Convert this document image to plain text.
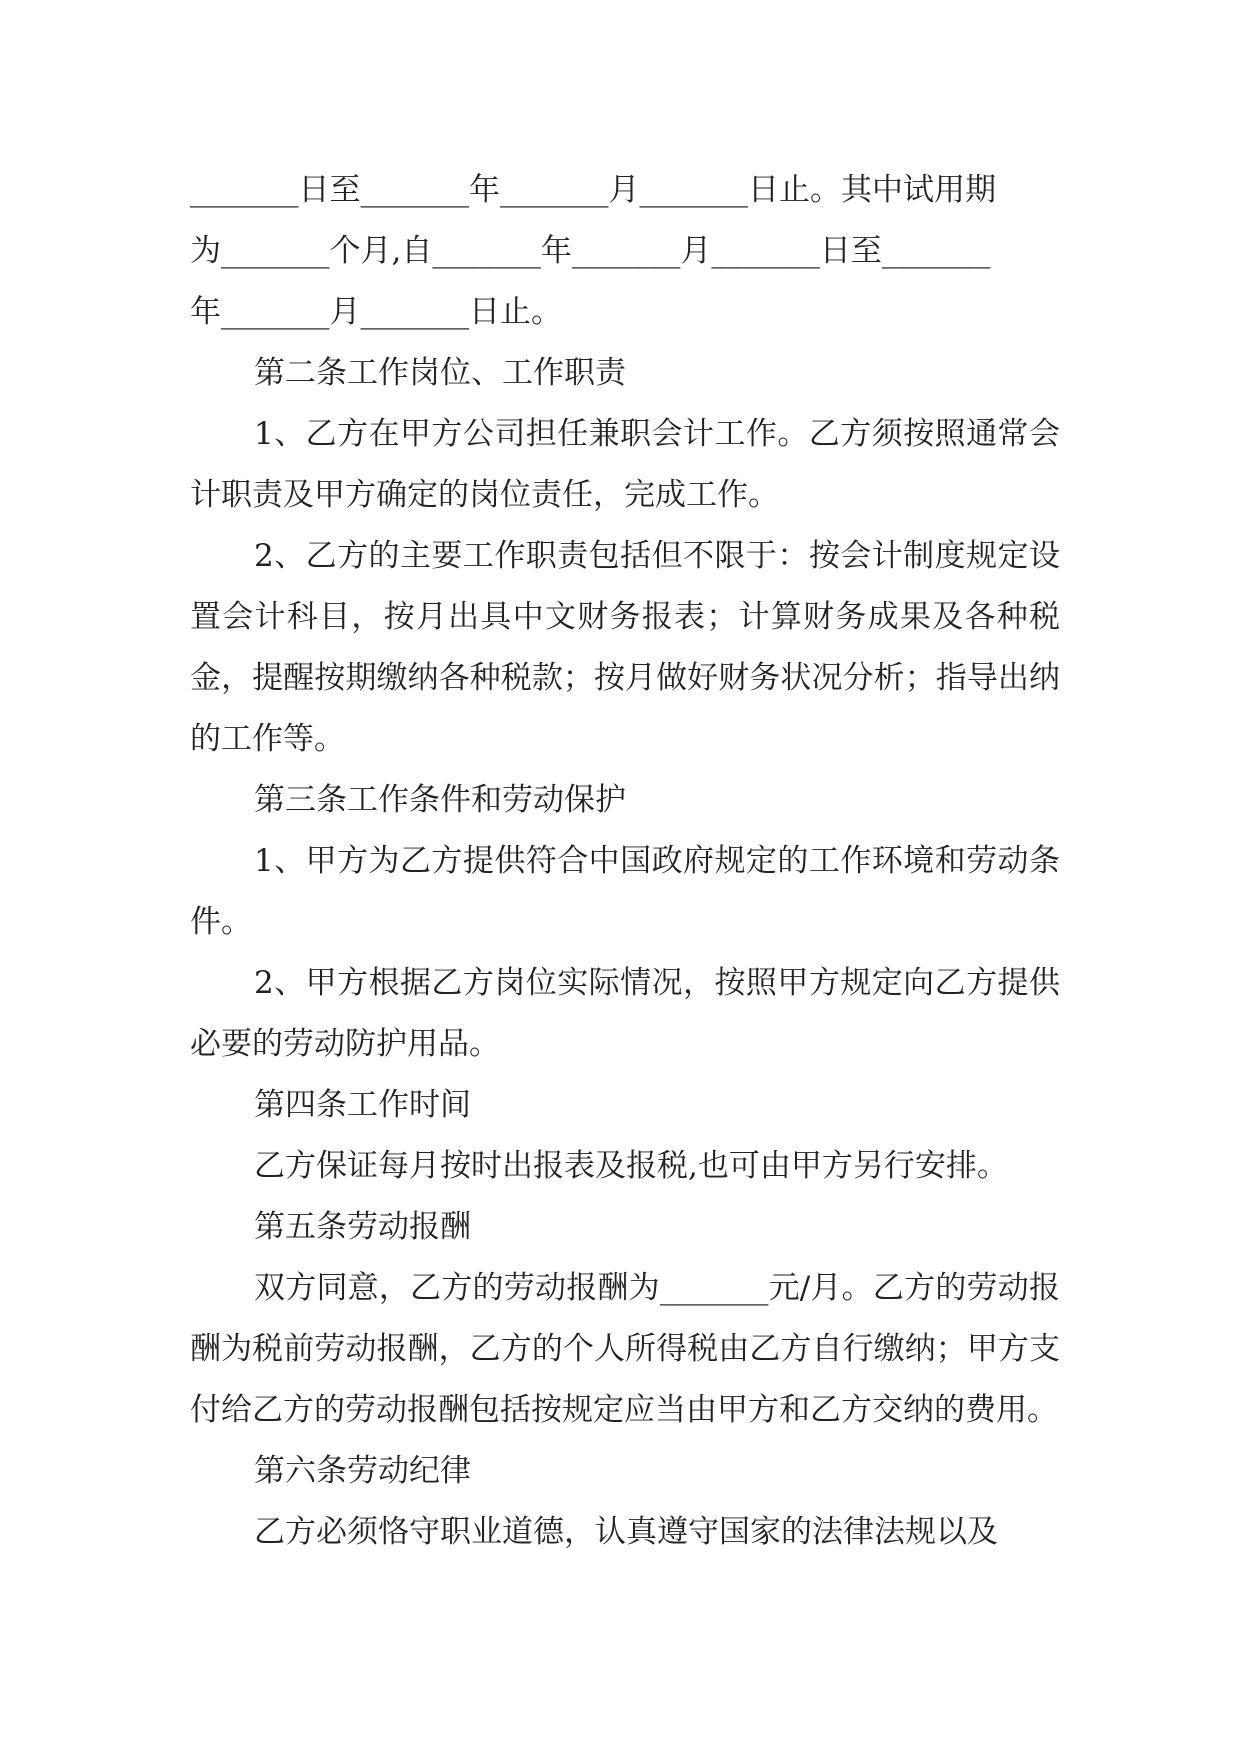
_______日至_______年_______月_______日止。其中试用期
为_______个月,自_______年_______月_______日至_______
年_______月_______日止。

第二条工作岗位、工作职责

1、乙方在甲方公司担任兼职会计工作。乙方须按照通常会计职责及甲方确定的岗位责任，完成工作。

2、乙方的主要工作职责包括但不限于：按会计制度规定设置会计科目，按月出具中文财务报表；计算财务成果及各种税金，提醒按期缴纳各种税款；按月做好财务状况分析；指导出纳的工作等。

第三条工作条件和劳动保护

1、甲方为乙方提供符合中国政府规定的工作环境和劳动条件。

2、甲方根据乙方岗位实际情况，按照甲方规定向乙方提供必要的劳动防护用品。

第四条工作时间

乙方保证每月按时出报表及报税,也可由甲方另行安排。

第五条劳动报酬

双方同意，乙方的劳动报酬为_______元/月。乙方的劳动报酬为税前劳动报酬，乙方的个人所得税由乙方自行缴纳；甲方支付给乙方的劳动报酬包括按规定应当由甲方和乙方交纳的费用。

第六条劳动纪律

乙方必须恪守职业道德，认真遵守国家的法律法规以及
